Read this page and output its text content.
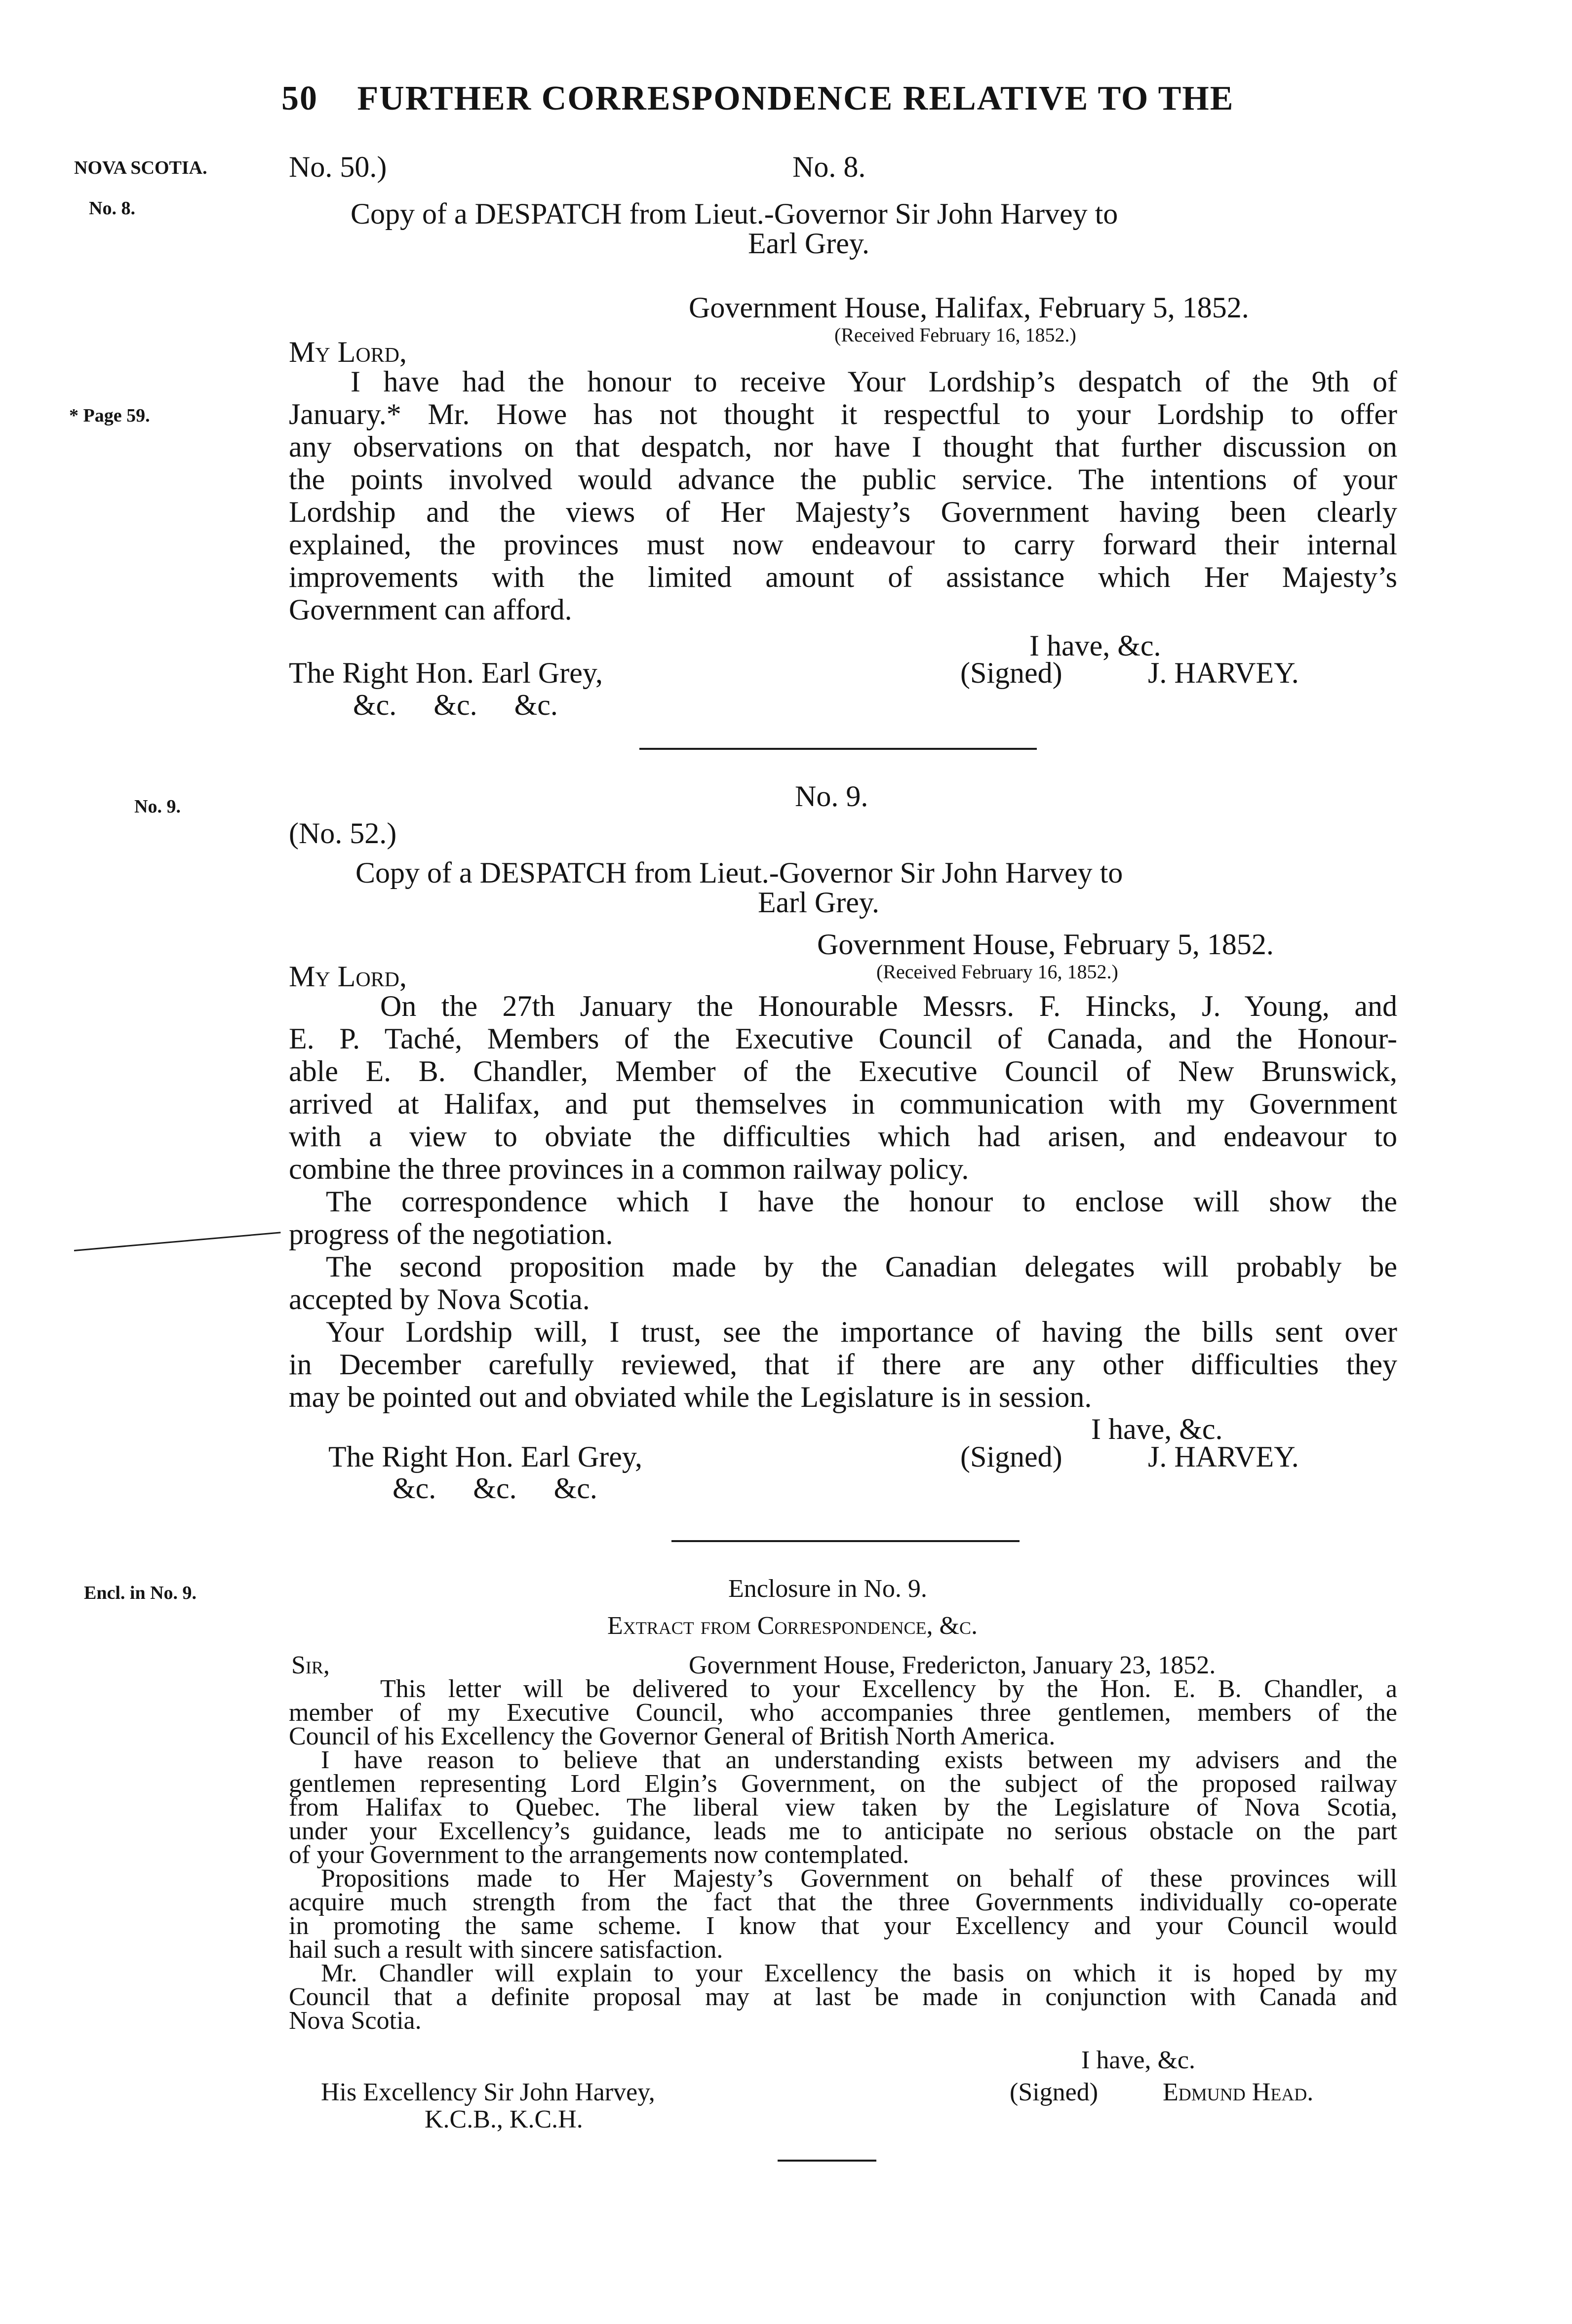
50 FURTHER CORRESPONDENCE RELATIVE TO THE
NOVA SCOTIA.
No. 8.
* Page 59.
No. 9.
Encl. in No. 9.
No. 50.)	No. 8.
Copy of a DESPATCH from Lieut.-Governor Sir John Harvey to
Earl Grey.
Government House, Halifax, February 5, 1852.
(Received February 16, 1852.)
My Lord,
I have had the honour to receive Your Lordship’s despatch of the 9th of
January.* Mr. Howe has not thought it respectful to your Lordship to offer
any observations on that despatch, nor have I thought that further discussion on
the points involved would advance the public service. The intentions of your
Lordship and the views of Her Majesty’s Government having been clearly
explained, the provinces must now endeavour to carry forward their internal
improvements with the limited amount of assistance which Her Majesty’s
Government can afford.
I have, &c.
The Right Hon. Earl Grey,	(Signed)	J. HARVEY.
&c.     &c.     &c.
No. 9.
(No. 52.)
Copy of a DESPATCH from Lieut.-Governor Sir John Harvey to
Earl Grey.
Government House, February 5, 1852.
(Received February 16, 1852.)
My Lord,
On the 27th January the Honourable Messrs. F. Hincks, J. Young, and
E. P. Taché, Members of the Executive Council of Canada, and the Honour-
able E. B. Chandler, Member of the Executive Council of New Brunswick,
arrived at Halifax, and put themselves in communication with my Government
with a view to obviate the difficulties which had arisen, and endeavour to
combine the three provinces in a common railway policy.
The correspondence which I have the honour to enclose will show the
progress of the negotiation.
The second proposition made by the Canadian delegates will probably be
accepted by Nova Scotia.
Your Lordship will, I trust, see the importance of having the bills sent over
in December carefully reviewed, that if there are any other difficulties they
may be pointed out and obviated while the Legislature is in session.
I have, &c.
The Right Hon. Earl Grey,	(Signed)	J. HARVEY.
&c.     &c.     &c.
Enclosure in No. 9.
Extract from Correspondence, &c.
Sir,	Government House, Fredericton, January 23, 1852.
This letter will be delivered to your Excellency by the Hon. E. B. Chandler, a
member of my Executive Council, who accompanies three gentlemen, members of the
Council of his Excellency the Governor General of British North America.
I have reason to believe that an understanding exists between my advisers and the
gentlemen representing Lord Elgin’s Government, on the subject of the proposed railway
from Halifax to Quebec. The liberal view taken by the Legislature of Nova Scotia,
under your Excellency’s guidance, leads me to anticipate no serious obstacle on the part
of your Government to the arrangements now contemplated.
Propositions made to Her Majesty’s Government on behalf of these provinces will
acquire much strength from the fact that the three Governments individually co-operate
in promoting the same scheme. I know that your Excellency and your Council would
hail such a result with sincere satisfaction.
Mr. Chandler will explain to your Excellency the basis on which it is hoped by my
Council that a definite proposal may at last be made in conjunction with Canada and
Nova Scotia.
I have, &c.
His Excellency Sir John Harvey,	(Signed)	Edmund Head.
K.C.B., K.C.H.
